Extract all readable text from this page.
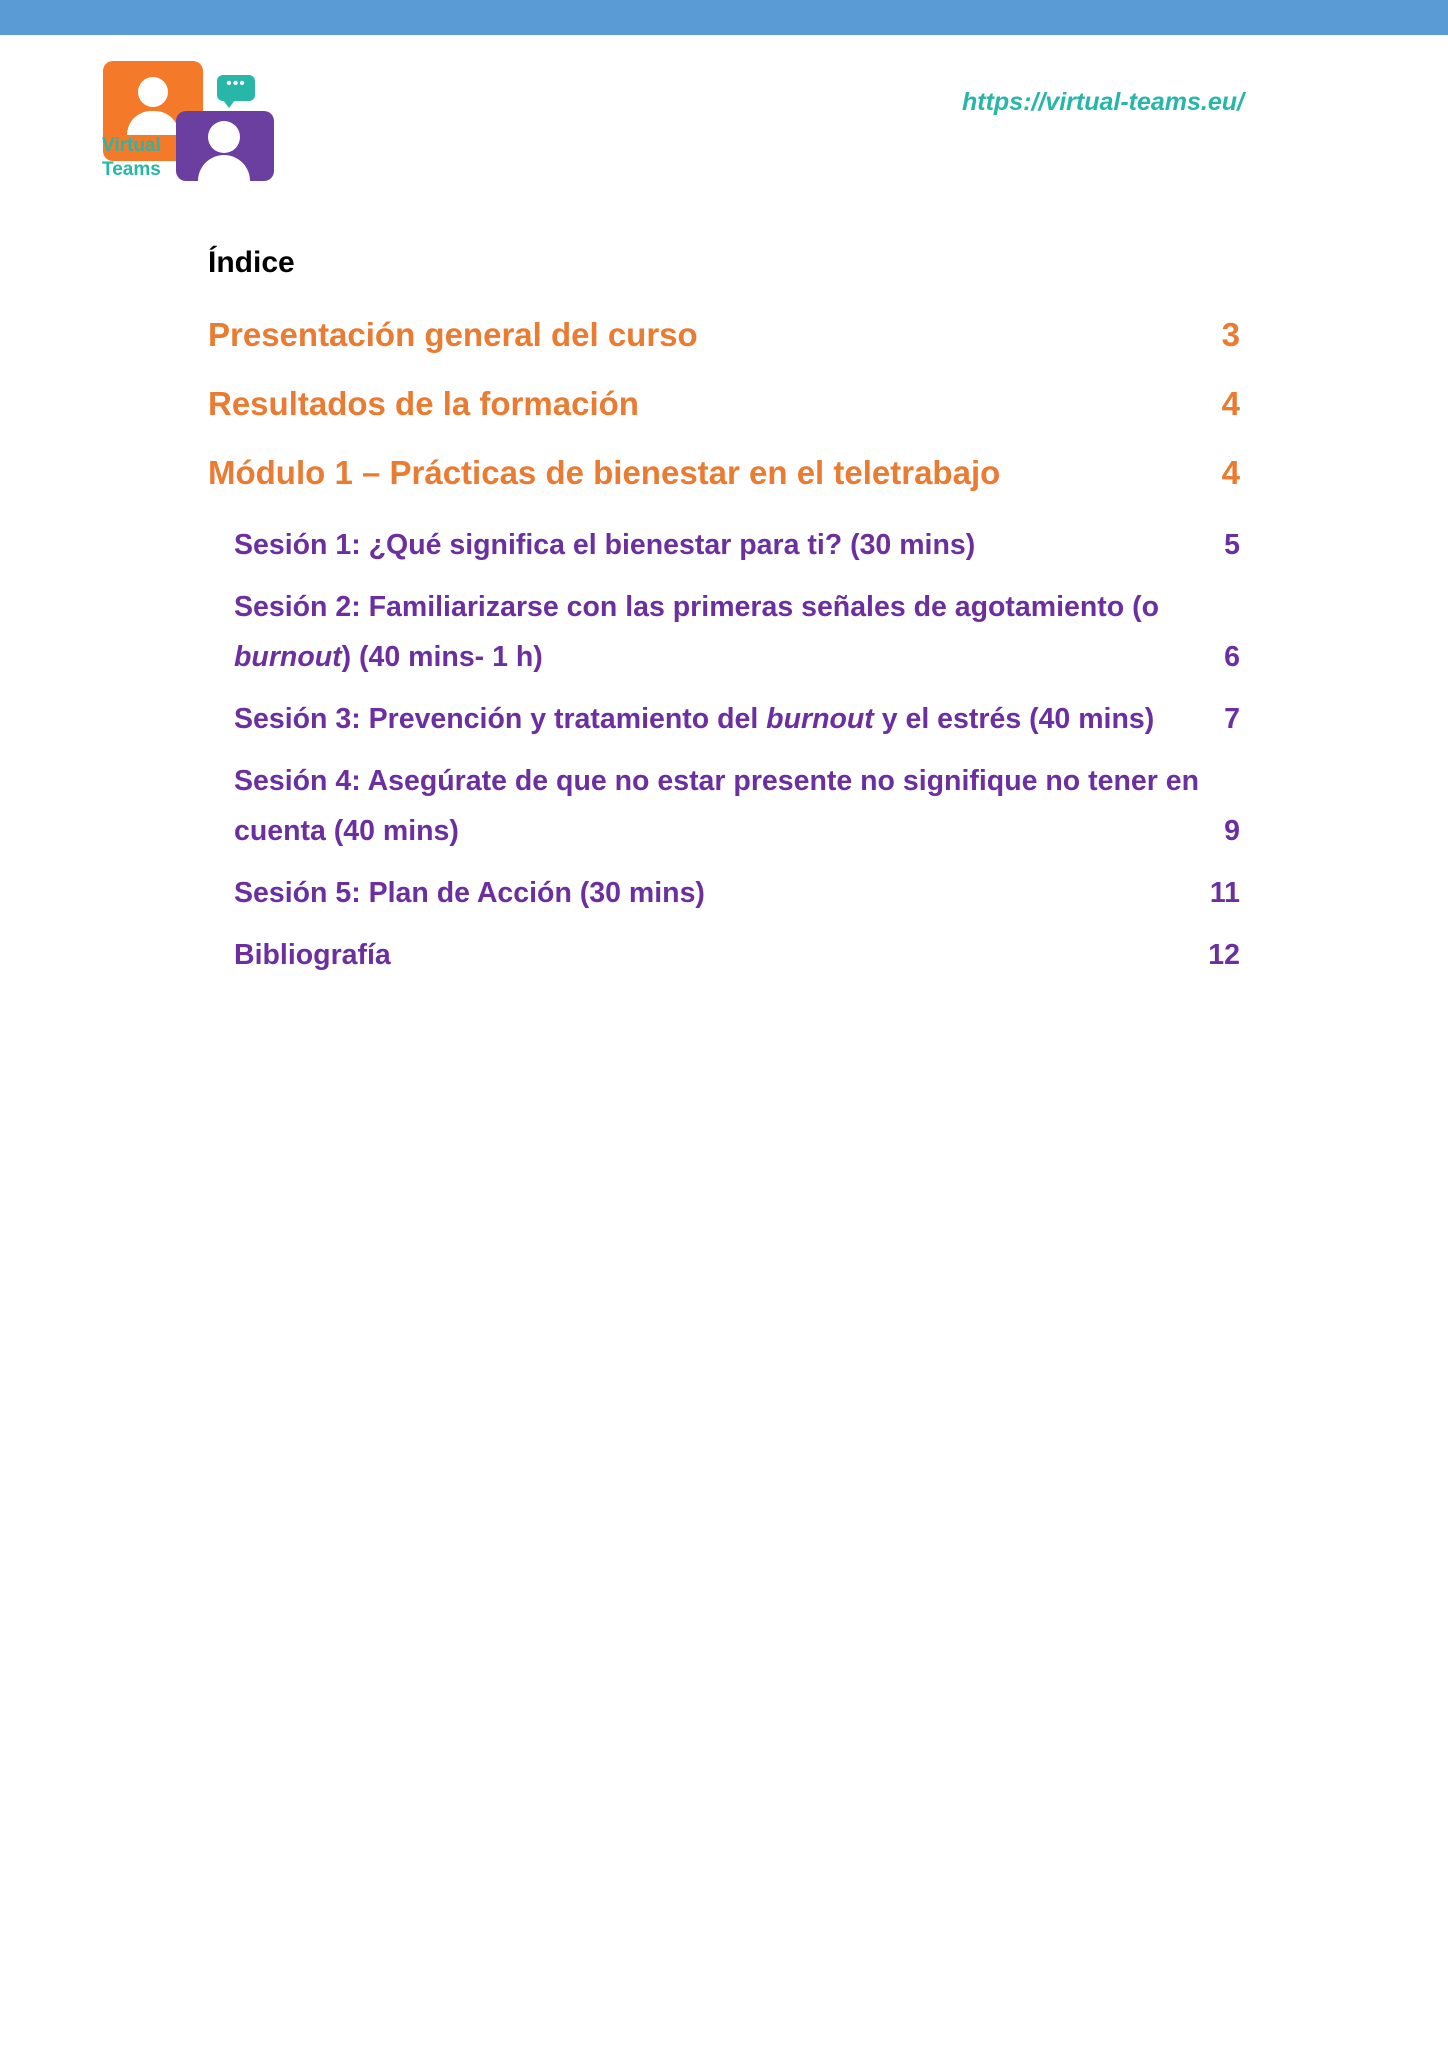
•••
Virtual
Teams
https://virtual-teams.eu/
Índice
Presentación general del curso	3
Resultados de la formación	4
Módulo 1 – Prácticas de bienestar en el teletrabajo	4
Sesión 1: ¿Qué significa el bienestar para ti? (30 mins)	5
Sesión 2: Familiarizarse con las primeras señales de agotamiento (o
burnout) (40 mins- 1 h)	6
Sesión 3: Prevención y tratamiento del burnout y el estrés (40 mins)	7
Sesión 4: Asegúrate de que no estar presente no signifique no tener en
cuenta (40 mins)	9
Sesión 5: Plan de Acción (30 mins)	11
Bibliografía	12
